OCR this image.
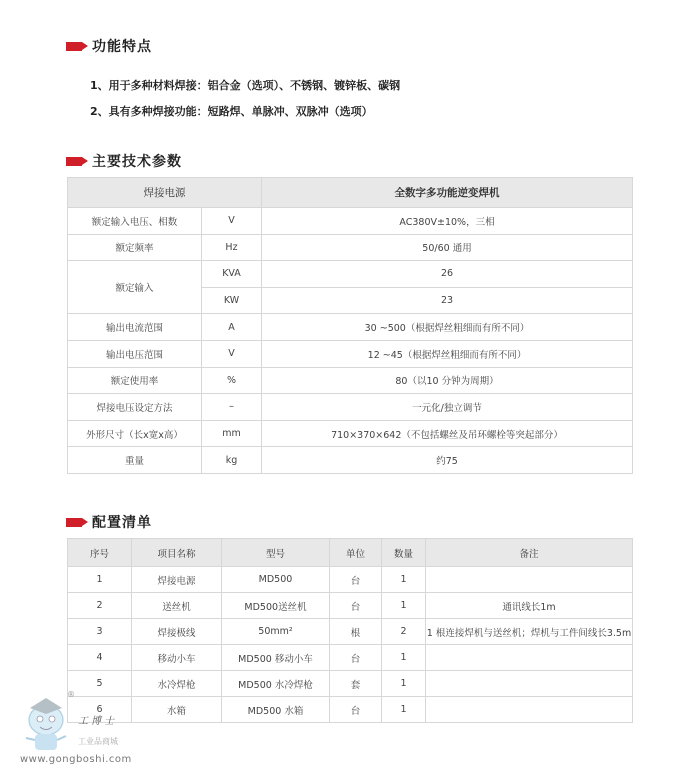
功能特点
1、用于多种材料焊接：铝合金（选项）、不锈钢、镀锌板、碳钢
2、具有多种焊接功能：短路焊、单脉冲、双脉冲（选项）
主要技术参数
焊接电源		全数字多功能逆变焊机
额定输入电压、相数	V	AC380V±10%，三相
额定频率	Hz	50/60 通用
额定输入	KVA	26
	KW	23
输出电流范围	A	30 ~500（根据焊丝粗细而有所不同）
输出电压范围	V	12 ~45（根据焊丝粗细而有所不同）
额定使用率	%	80（以10 分钟为周期）
焊接电压设定方法	–	一元化/独立调节
外形尺寸（长x宽x高）	mm	710×370×642（不包括螺丝及吊环螺栓等突起部分）
重量	kg	约75
配置清单
序号	项目名称	型号	单位	数量	备注
1	焊接电源	MD500	台	1	
2	送丝机	MD500送丝机	台	1	通讯线长1m
3	焊接极线	50mm²	根	2	1 根连接焊机与送丝机；焊机与工件间线长3.5m
4	移动小车	MD500 移动小车	台	1	
5	水冷焊枪	MD500 水冷焊枪	套	1	
6	水箱	MD500 水箱	台	1	
®
工博士
工业品商城
www.gongboshi.com
